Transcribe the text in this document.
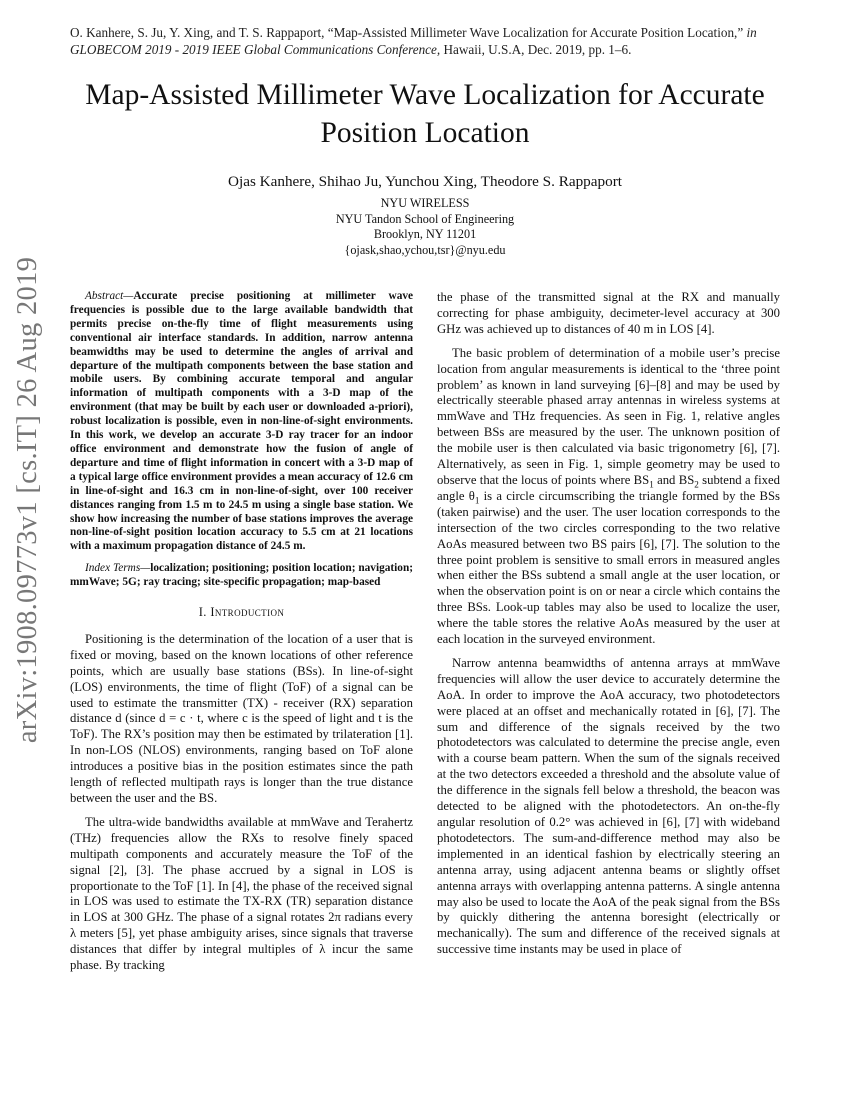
O. Kanhere, S. Ju, Y. Xing, and T. S. Rappaport, “Map-Assisted Millimeter Wave Localization for Accurate Position Location,” in GLOBECOM 2019 - 2019 IEEE Global Communications Conference, Hawaii, U.S.A, Dec. 2019, pp. 1–6.
Map-Assisted Millimeter Wave Localization for Accurate Position Location
Ojas Kanhere, Shihao Ju, Yunchou Xing, Theodore S. Rappaport
NYU WIRELESS
NYU Tandon School of Engineering
Brooklyn, NY 11201
{ojask,shao,ychou,tsr}@nyu.edu
arXiv:1908.09773v1 [cs.IT] 26 Aug 2019	Abstract—Accurate precise positioning at millimeter wave frequencies is possible due to the large available bandwidth that permits precise on-the-fly time of flight measurements using conventional air interface standards. In addition, narrow antenna beamwidths may be used to determine the angles of arrival and departure of the multipath components between the base station and mobile users. By combining accurate temporal and angular information of multipath components with a 3-D map of the environment (that may be built by each user or downloaded a-priori), robust localization is possible, even in non-line-of-sight environments. In this work, we develop an accurate 3-D ray tracer for an indoor office environment and demonstrate how the fusion of angle of departure and time of flight information in concert with a 3-D map of a typical large office environment provides a mean accuracy of 12.6 cm in line-of-sight and 16.3 cm in non-line-of-sight, over 100 receiver distances ranging from 1.5 m to 24.5 m using a single base station. We show how increasing the number of base stations improves the average non-line-of-sight position location accuracy to 5.5 cm at 21 locations with a maximum propagation distance of 24.5 m.

Index Terms—localization; positioning; position location; navigation; mmWave; 5G; ray tracing; site-specific propagation; map-based

I. Introduction

Positioning is the determination of the location of a user that is fixed or moving, based on the known locations of other reference points, which are usually base stations (BSs). In line-of-sight (LOS) environments, the time of flight (ToF) of a signal can be used to estimate the transmitter (TX) - receiver (RX) separation distance d (since d = c · t, where c is the speed of light and t is the ToF). The RX’s position may then be estimated by trilateration [1]. In non-LOS (NLOS) environments, ranging based on ToF alone introduces a positive bias in the position estimates since the path length of reflected multipath rays is longer than the true distance between the user and the BS.

The ultra-wide bandwidths available at mmWave and Terahertz (THz) frequencies allow the RXs to resolve finely spaced multipath components and accurately measure the ToF of the signal [2], [3]. The phase accrued by a signal in LOS is proportionate to the ToF [1]. In [4], the phase of the received signal in LOS was used to estimate the TX-RX (TR) separation distance in LOS at 300 GHz. The phase of a signal rotates 2π radians every λ meters [5], yet phase ambiguity arises, since signals that traverse distances that differ by integral multiples of λ incur the same phase. By tracking

the phase of the transmitted signal at the RX and manually correcting for phase ambiguity, decimeter-level accuracy at 300 GHz was achieved up to distances of 40 m in LOS [4].

The basic problem of determination of a mobile user’s precise location from angular measurements is identical to the ‘three point problem’ as known in land surveying [6]–[8] and may be used by electrically steerable phased array antennas in wireless systems at mmWave and THz frequencies. As seen in Fig. 1, relative angles between BSs are measured by the user. The unknown position of the mobile user is then calculated via basic trigonometry [6], [7]. Alternatively, as seen in Fig. 1, simple geometry may be used to observe that the locus of points where $BS_1$ and $BS_2$ subtend a fixed angle $\theta_1$ is a circle circumscribing the triangle formed by the BSs (taken pairwise) and the user. The user location corresponds to the intersection of the two circles corresponding to the two relative AoAs measured between two BS pairs [6], [7]. The solution to the three point problem is sensitive to small errors in measured angles when either the BSs subtend a small angle at the user location, or when the observation point is on or near a circle which contains the three BSs. Look-up tables may also be used to localize the user, where the table stores the relative AoAs measured by the user at each location in the surveyed environment.

Narrow antenna beamwidths of antenna arrays at mmWave frequencies will allow the user device to accurately determine the AoA. In order to improve the AoA accuracy, two photodetectors were placed at an offset and mechanically rotated in [6], [7]. The sum and difference of the signals received by the two photodetectors was calculated to determine the precise angle, even with a course beam pattern. When the sum of the signals received at the two detectors exceeded a threshold and the absolute value of the difference in the signals fell below a threshold, the beacon was detected to be aligned with the photodetectors. An on-the-fly angular resolution of 0.2° was achieved in [6], [7] with wideband photodetectors. The sum-and-difference method may also be implemented in an identical fashion by electrically steering an antenna array, using adjacent antenna beams or slightly offset antenna arrays with overlapping antenna patterns. A single antenna may also be used to locate the AoA of the peak signal from the BSs by quickly dithering the antenna boresight (electrically or mechanically). The sum and difference of the received signals at successive time instants may be used in place of
